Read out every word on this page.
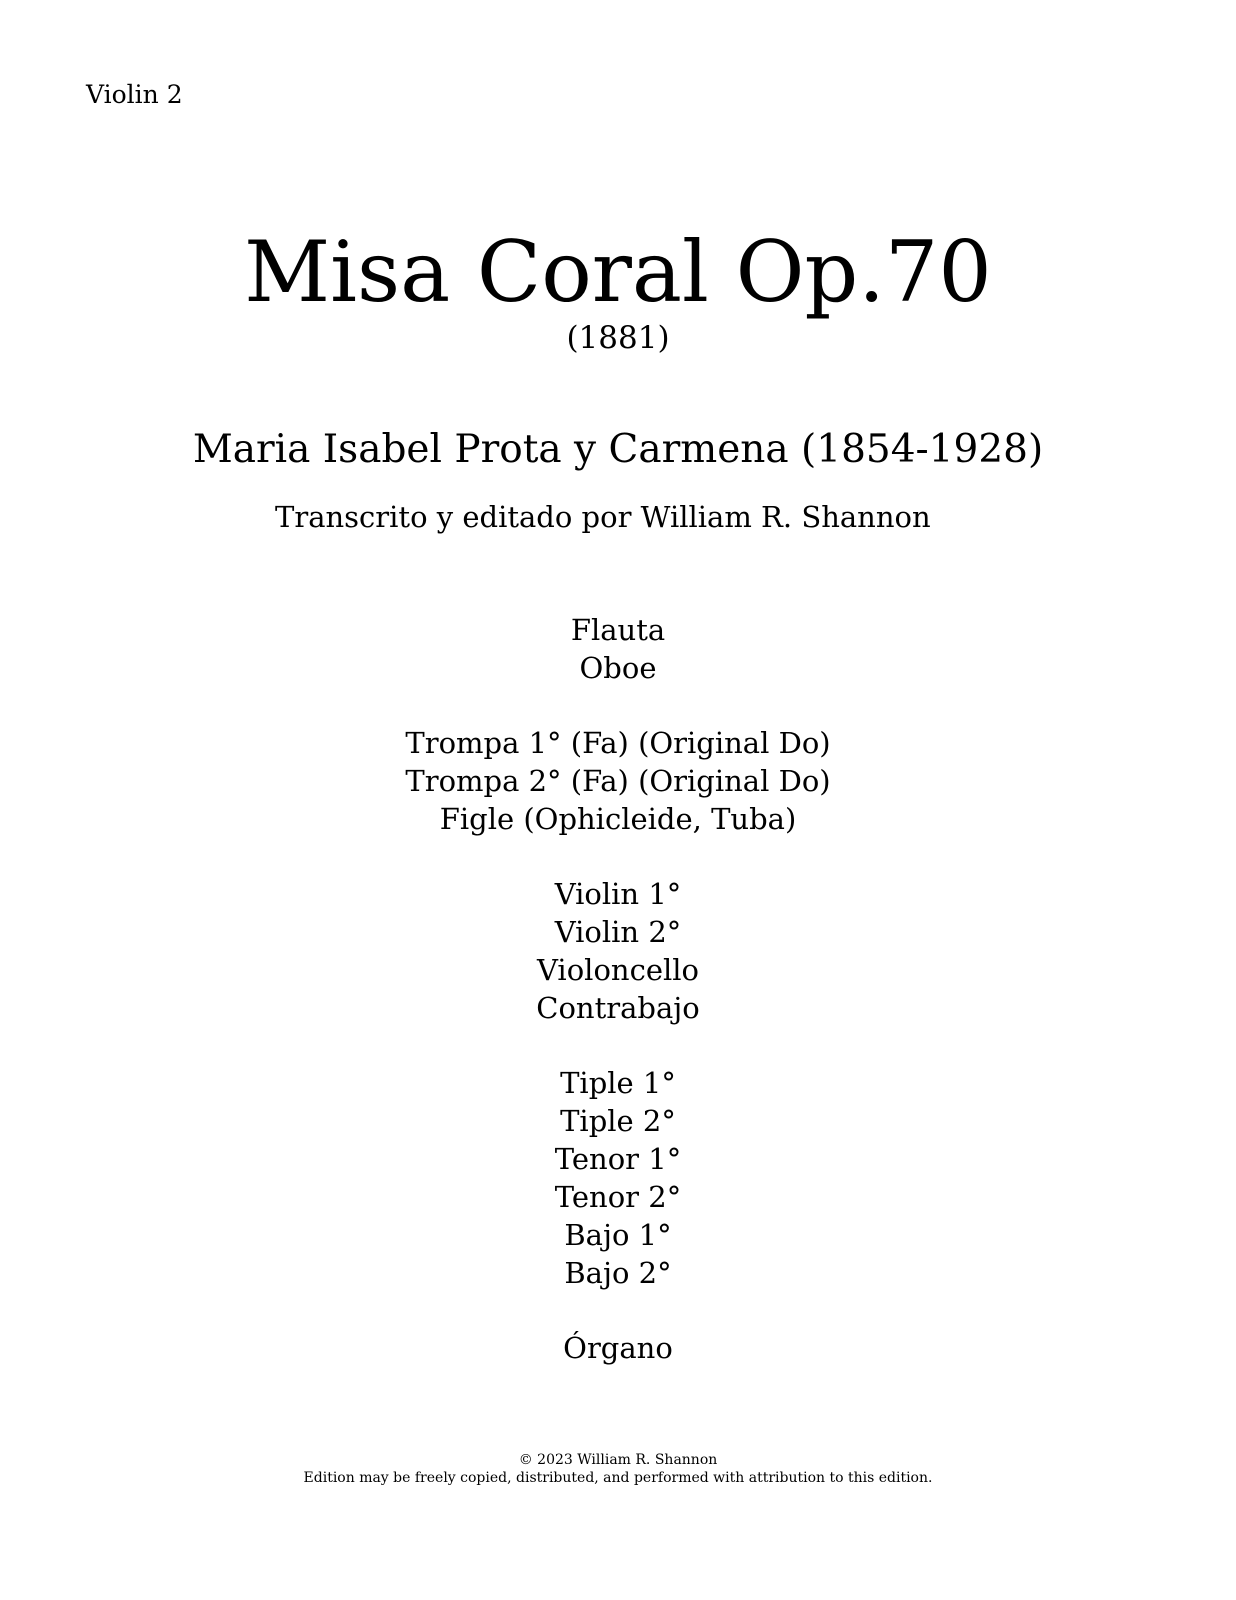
Violin 2
Misa Coral Op.70
(1881)
Maria Isabel Prota y Carmena (1854-1928)
Transcrito y editado por William R. Shannon
Flauta
Oboe
Trompa 1° (Fa) (Original Do)
Trompa 2° (Fa) (Original Do)
Figle (Ophicleide, Tuba)
Violin 1°
Violin 2°
Violoncello
Contrabajo
Tiple 1°
Tiple 2°
Tenor 1°
Tenor 2°
Bajo 1°
Bajo 2°
Órgano
© 2023 William R. Shannon
Edition may be freely copied, distributed, and performed with attribution to this edition.
